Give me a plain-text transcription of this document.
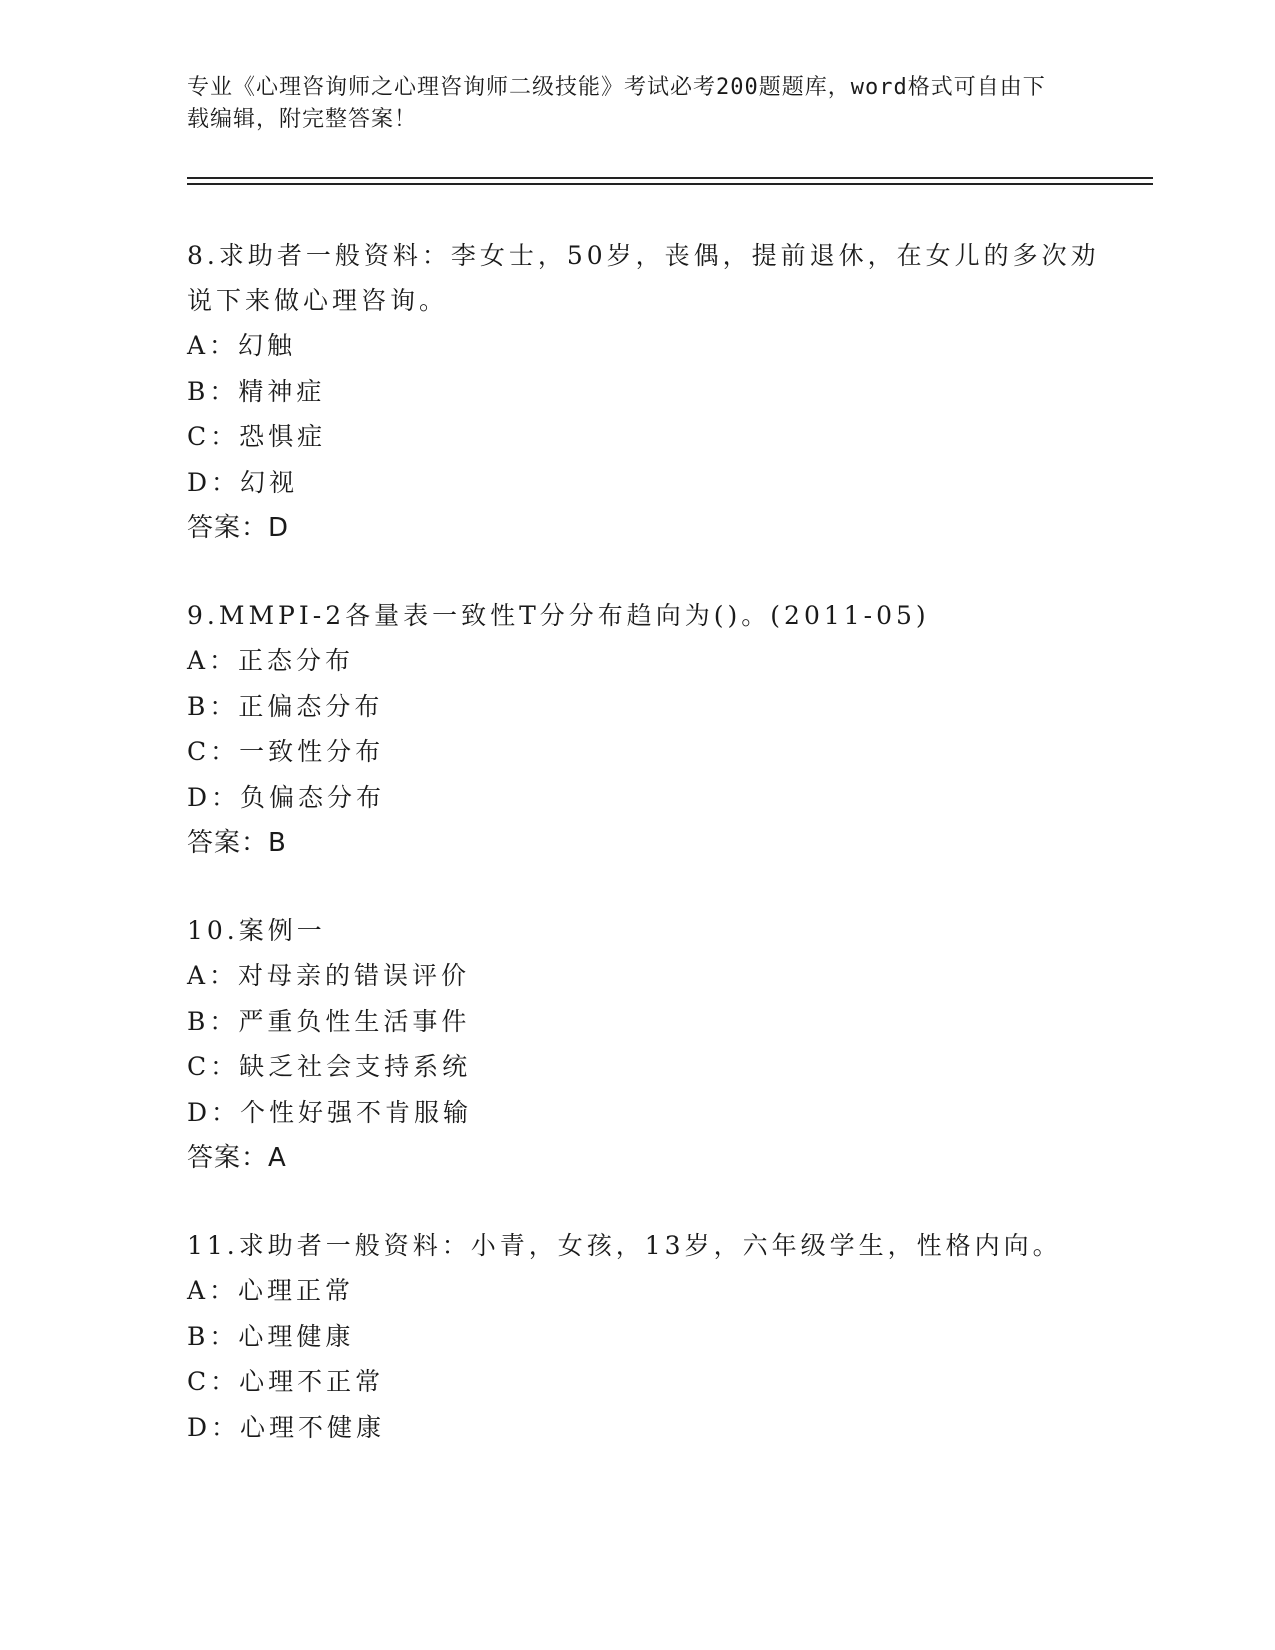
专业《心理咨询师之心理咨询师二级技能》考试必考200题题库，word格式可自由下载编辑，附完整答案！
8.求助者一般资料：李女士，50岁，丧偶，提前退休，在女儿的多次劝说下来做心理咨询。
A：幻触
B：精神症
C：恐惧症
D：幻视
答案：D
9.MMPI-2各量表一致性T分分布趋向为()。(2011-05)
A：正态分布
B：正偏态分布
C：一致性分布
D：负偏态分布
答案：B
10.案例一
A：对母亲的错误评价
B：严重负性生活事件
C：缺乏社会支持系统
D：个性好强不肯服输
答案：A
11.求助者一般资料：小青，女孩，13岁，六年级学生，性格内向。
A：心理正常
B：心理健康
C：心理不正常
D：心理不健康
